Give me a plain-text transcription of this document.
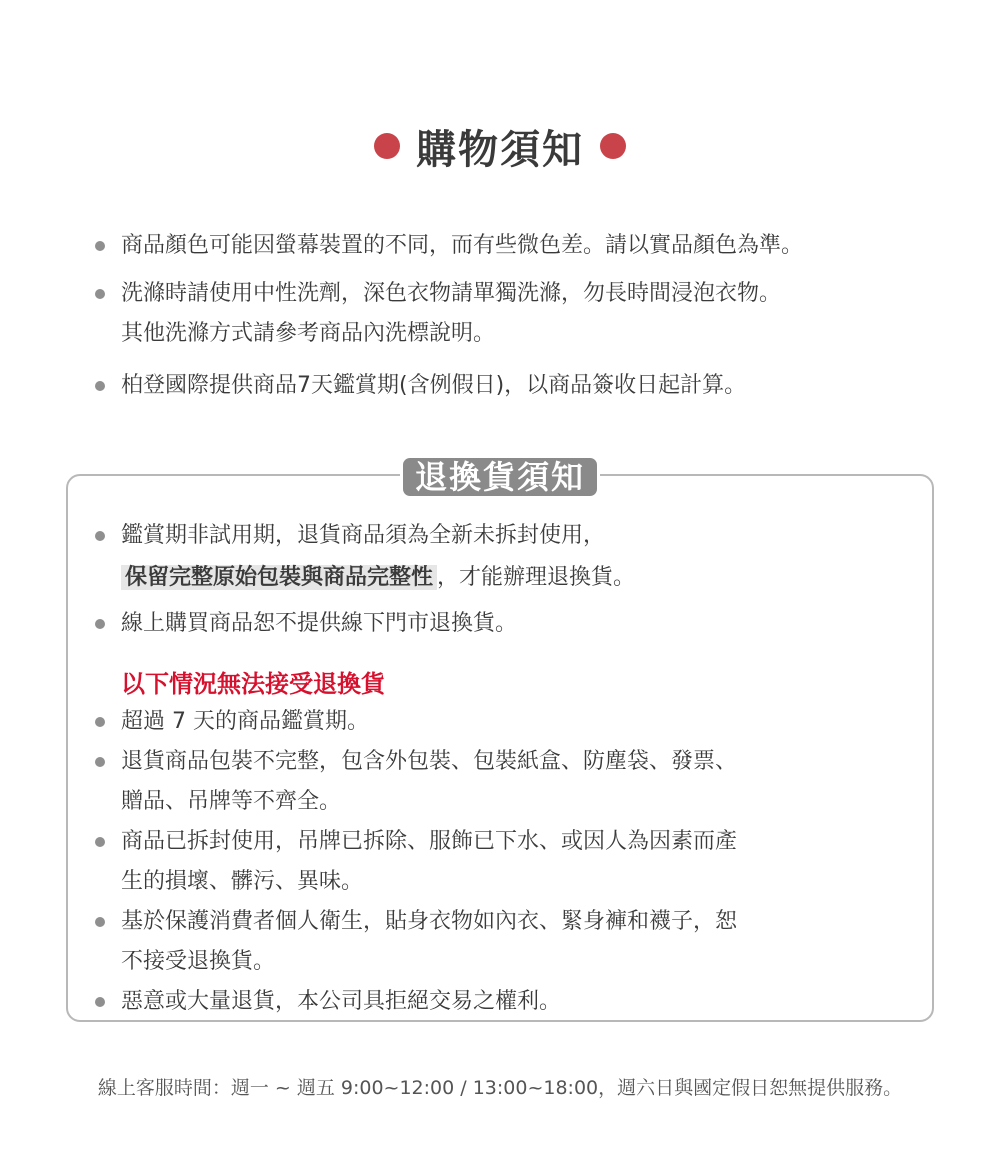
購物須知
商品顏色可能因螢幕裝置的不同，而有些微色差。請以實品顏色為準。
洗滌時請使用中性洗劑，深色衣物請單獨洗滌，勿長時間浸泡衣物。
其他洗滌方式請參考商品內洗標說明。
柏登國際提供商品7天鑑賞期(含例假日)，以商品簽收日起計算。
退換貨須知
鑑賞期非試用期，退貨商品須為全新未拆封使用，
保留完整原始包裝與商品完整性 ，才能辦理退換貨。
線上購買商品恕不提供線下門市退換貨。
以下情況無法接受退換貨
超過 7 天的商品鑑賞期。
退貨商品包裝不完整，包含外包裝、包裝紙盒、防塵袋、發票、
贈品、吊牌等不齊全。
商品已拆封使用，吊牌已拆除、服飾已下水、或因人為因素而產
生的損壞、髒污、異味。
基於保護消費者個人衛生，貼身衣物如內衣、緊身褲和襪子，恕
不接受退換貨。
惡意或大量退貨，本公司具拒絕交易之權利。
線上客服時間：週一 ~ 週五 9:00~12:00 / 13:00~18:00，週六日與國定假日恕無提供服務。
